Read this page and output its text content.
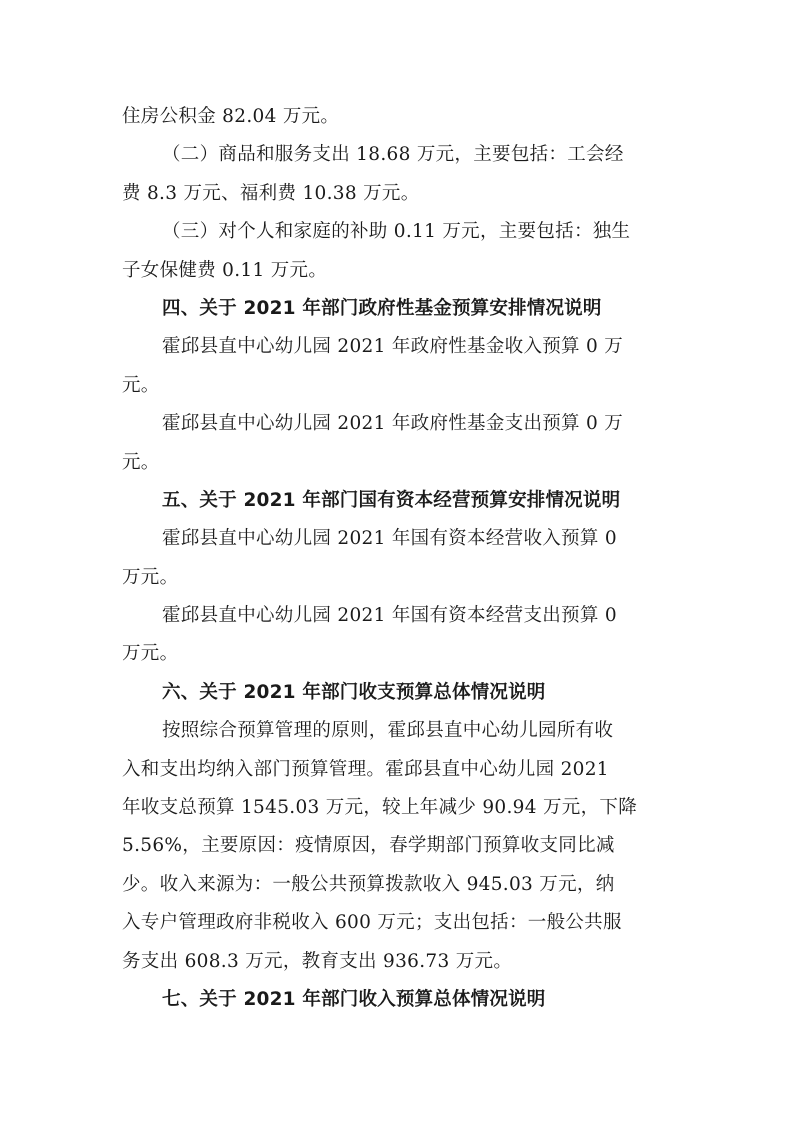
住房公积金 82.04 万元。
（二）商品和服务支出 18.68 万元，主要包括：工会经
费 8.3 万元、福利费 10.38 万元。
（三）对个人和家庭的补助 0.11 万元，主要包括：独生
子女保健费 0.11 万元。
四、关于 2021 年部门政府性基金预算安排情况说明
霍邱县直中心幼儿园 2021 年政府性基金收入预算 0 万
元。
霍邱县直中心幼儿园 2021 年政府性基金支出预算 0 万
元。
五、关于 2021 年部门国有资本经营预算安排情况说明
霍邱县直中心幼儿园 2021 年国有资本经营收入预算 0
万元。
霍邱县直中心幼儿园 2021 年国有资本经营支出预算 0
万元。
六、关于 2021 年部门收支预算总体情况说明
按照综合预算管理的原则，霍邱县直中心幼儿园所有收
入和支出均纳入部门预算管理。霍邱县直中心幼儿园 2021
年收支总预算 1545.03 万元，较上年减少 90.94 万元，下降
5.56%，主要原因：疫情原因，春学期部门预算收支同比减
少。收入来源为：一般公共预算拨款收入 945.03 万元，纳
入专户管理政府非税收入 600 万元；支出包括：一般公共服
务支出 608.3 万元，教育支出 936.73 万元。
七、关于 2021 年部门收入预算总体情况说明
